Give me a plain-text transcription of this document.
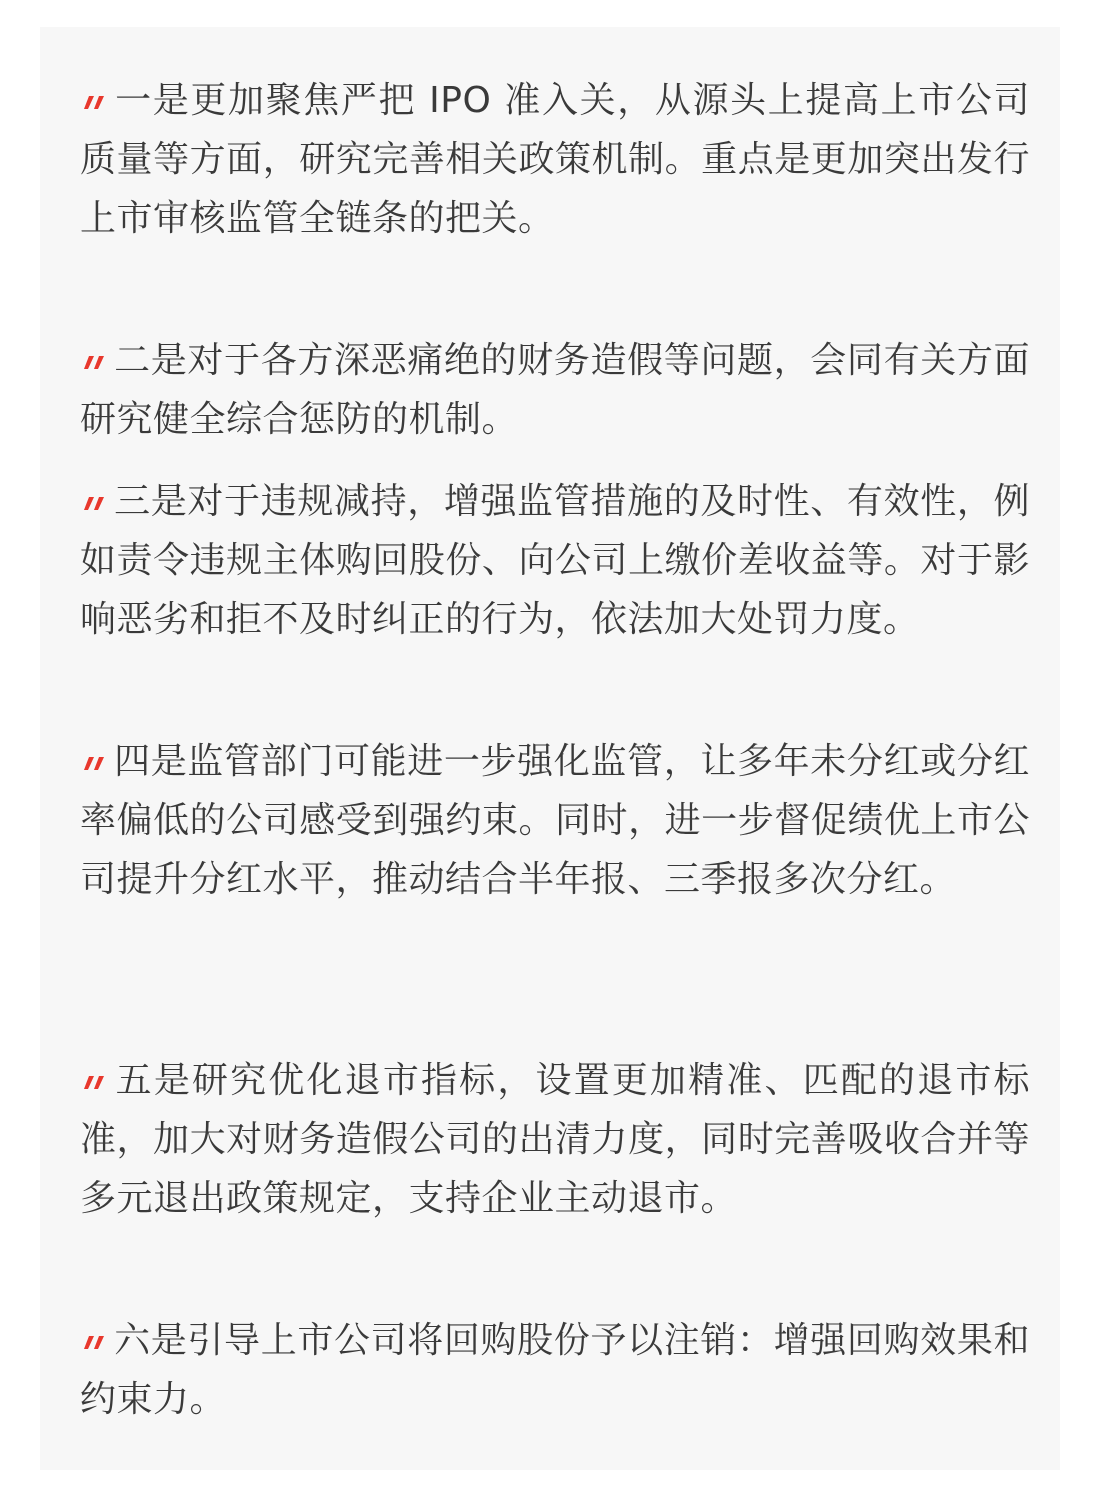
一是更加聚焦严把 IPO 准入关，从源头上提高上市公司质量等方面，研究完善相关政策机制。重点是更加突出发行上市审核监管全链条的把关。

二是对于各方深恶痛绝的财务造假等问题，会同有关方面研究健全综合惩防的机制。

三是对于违规减持，增强监管措施的及时性、有效性，例如责令违规主体购回股份、向公司上缴价差收益等。对于影响恶劣和拒不及时纠正的行为，依法加大处罚力度。

四是监管部门可能进一步强化监管，让多年未分红或分红率偏低的公司感受到强约束。同时，进一步督促绩优上市公司提升分红水平，推动结合半年报、三季报多次分红。

五是研究优化退市指标，设置更加精准、匹配的退市标准，加大对财务造假公司的出清力度，同时完善吸收合并等多元退出政策规定，支持企业主动退市。

六是引导上市公司将回购股份予以注销：增强回购效果和约束力。
